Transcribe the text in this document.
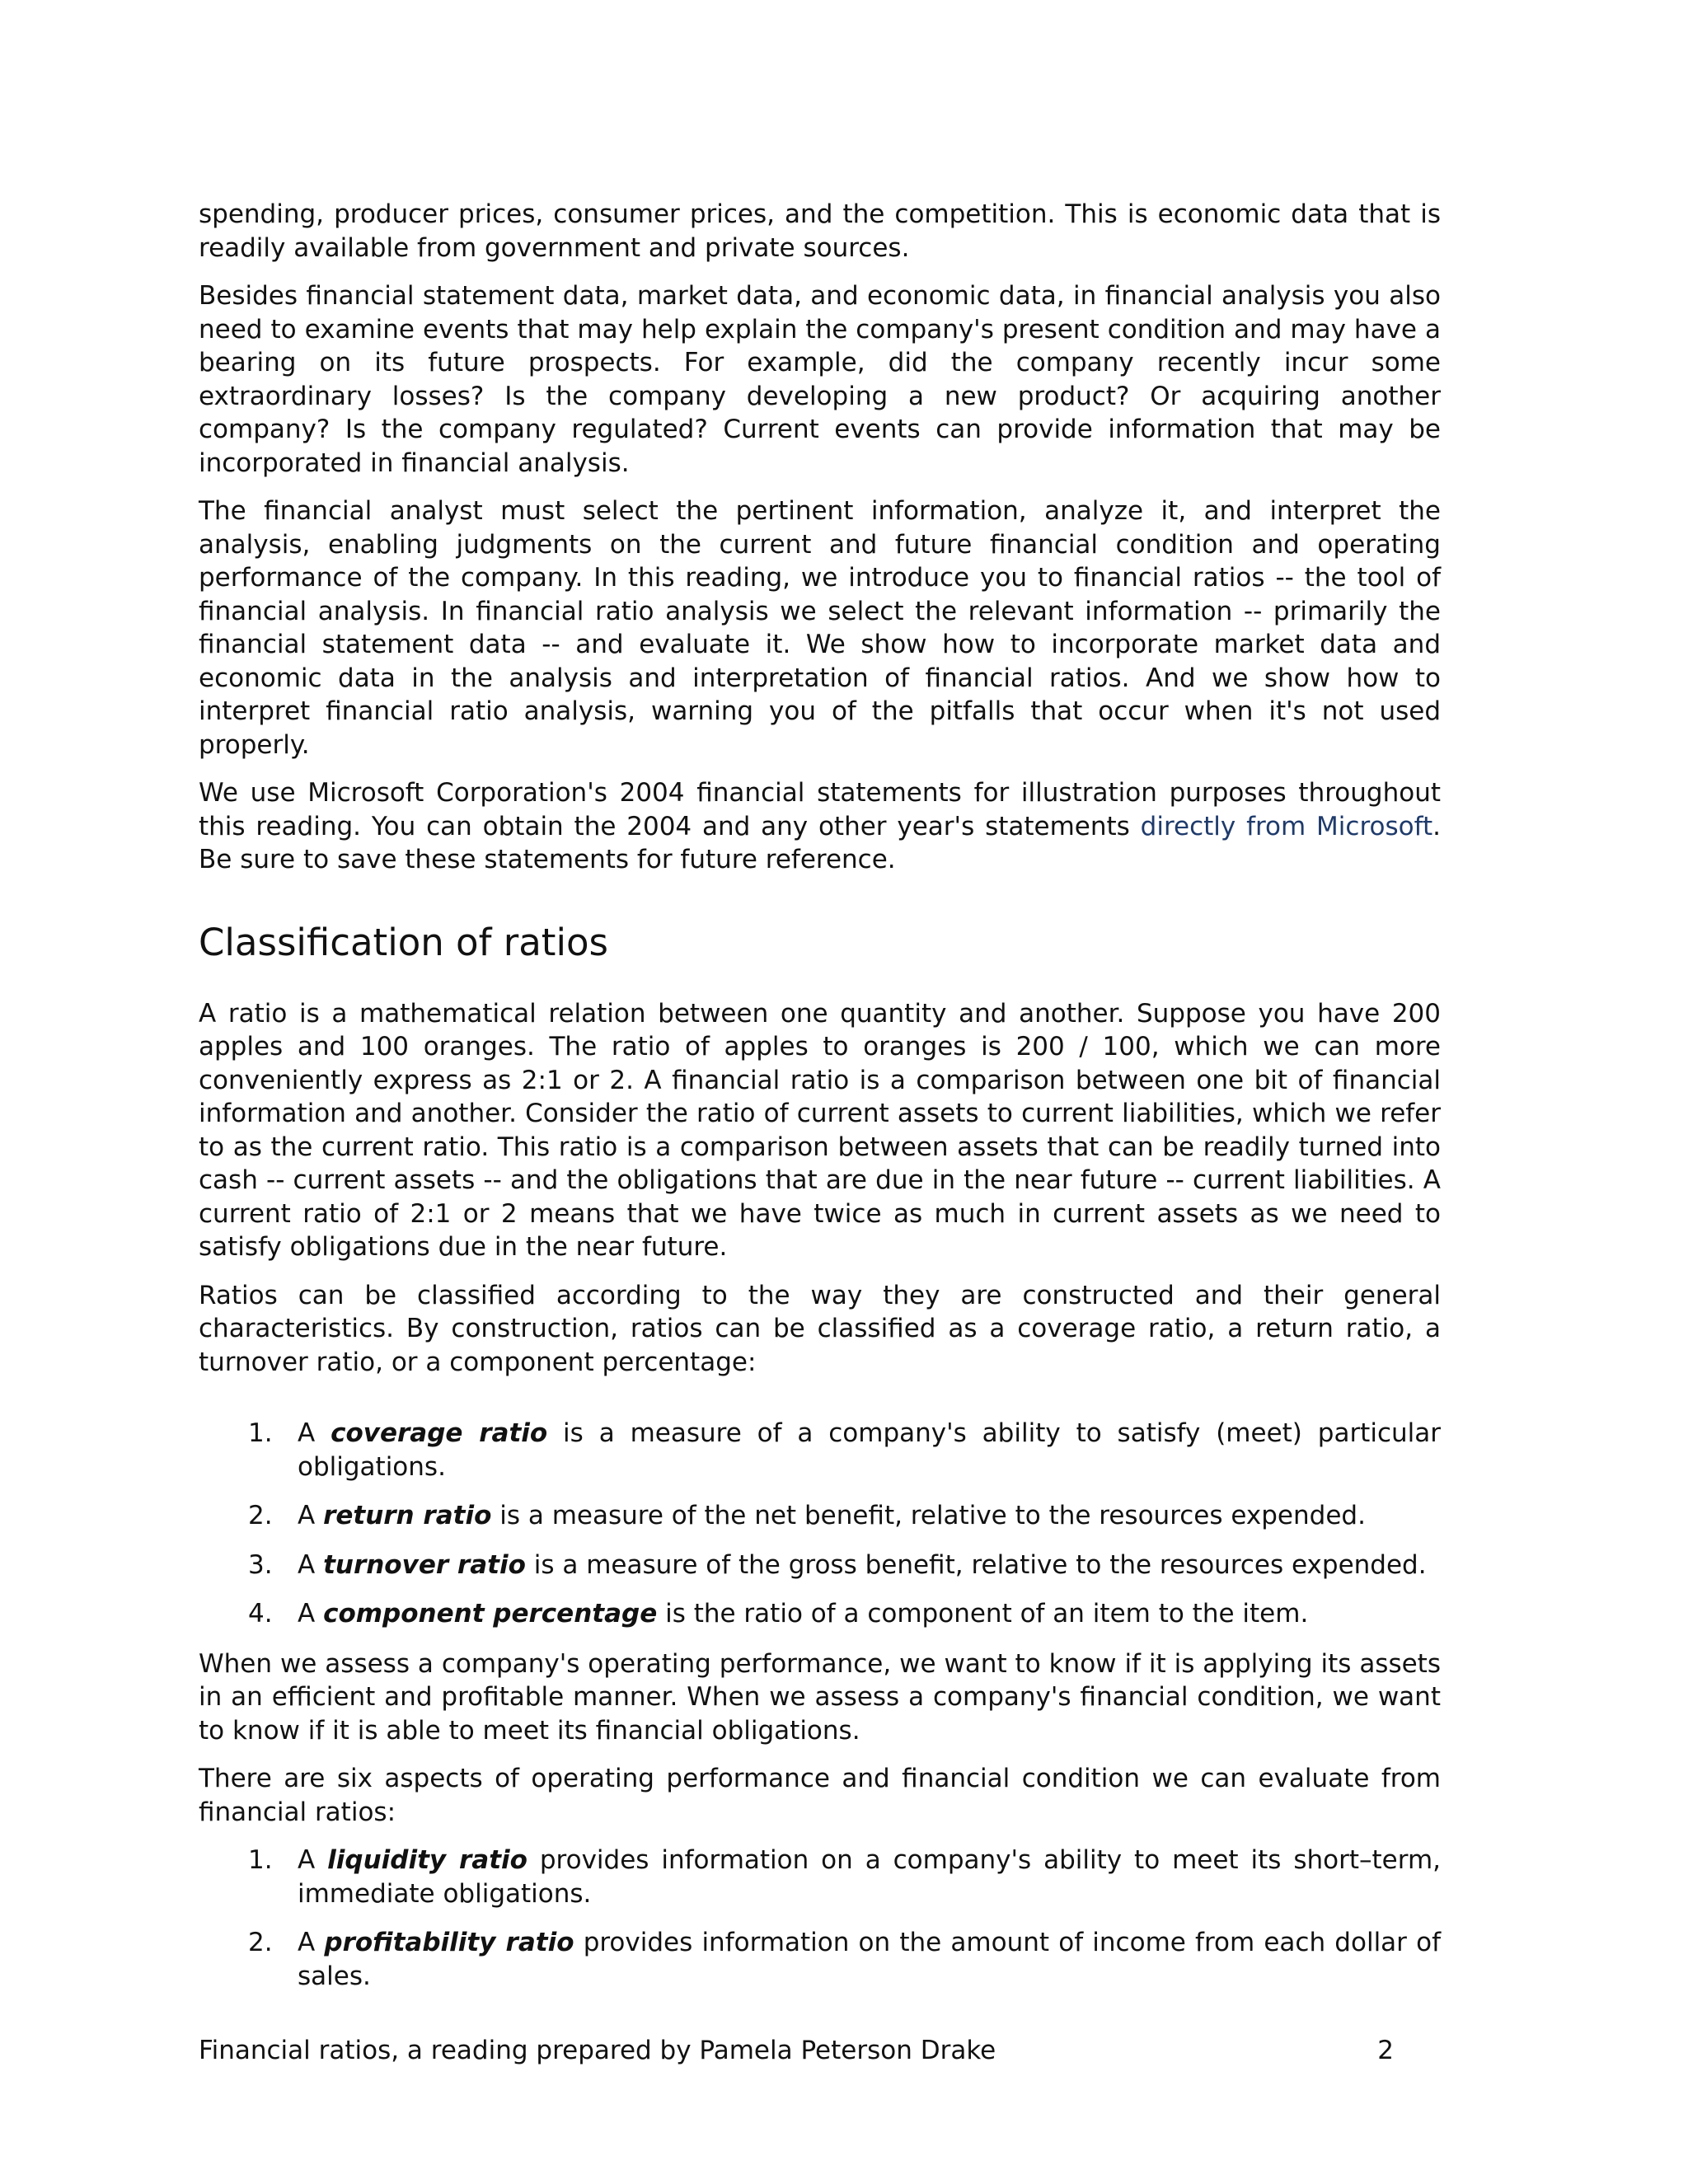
spending, producer prices, consumer prices, and the competition. This is economic data that is readily available from government and private sources.

Besides financial statement data, market data, and economic data, in financial analysis you also need to examine events that may help explain the company's present condition and may have a bearing on its future prospects. For example, did the company recently incur some extraordinary losses? Is the company developing a new product? Or acquiring another company? Is the company regulated? Current events can provide information that may be incorporated in financial analysis.

The financial analyst must select the pertinent information, analyze it, and interpret the analysis, enabling judgments on the current and future financial condition and operating performance of the company. In this reading, we introduce you to financial ratios -- the tool of financial analysis. In financial ratio analysis we select the relevant information -- primarily the financial statement data -- and evaluate it. We show how to incorporate market data and economic data in the analysis and interpretation of financial ratios. And we show how to interpret financial ratio analysis, warning you of the pitfalls that occur when it's not used properly.

We use Microsoft Corporation's 2004 financial statements for illustration purposes throughout this reading. You can obtain the 2004 and any other year's statements directly from Microsoft. Be sure to save these statements for future reference.

Classification of ratios

A ratio is a mathematical relation between one quantity and another. Suppose you have 200 apples and 100 oranges. The ratio of apples to oranges is 200 / 100, which we can more conveniently express as 2:1 or 2. A financial ratio is a comparison between one bit of financial information and another. Consider the ratio of current assets to current liabilities, which we refer to as the current ratio. This ratio is a comparison between assets that can be readily turned into cash -- current assets -- and the obligations that are due in the near future -- current liabilities. A current ratio of 2:1 or 2 means that we have twice as much in current assets as we need to satisfy obligations due in the near future.

Ratios can be classified according to the way they are constructed and their general characteristics. By construction, ratios can be classified as a coverage ratio, a return ratio, a turnover ratio, or a component percentage:

1. A coverage ratio is a measure of a company's ability to satisfy (meet) particular obligations.
2. A return ratio is a measure of the net benefit, relative to the resources expended.
3. A turnover ratio is a measure of the gross benefit, relative to the resources expended.
4. A component percentage is the ratio of a component of an item to the item.

When we assess a company's operating performance, we want to know if it is applying its assets in an efficient and profitable manner. When we assess a company's financial condition, we want to know if it is able to meet its financial obligations.

There are six aspects of operating performance and financial condition we can evaluate from financial ratios:

1. A liquidity ratio provides information on a company's ability to meet its short–term, immediate obligations.
2. A profitability ratio provides information on the amount of income from each dollar of sales.
Financial ratios, a reading prepared by Pamela Peterson Drake	2
